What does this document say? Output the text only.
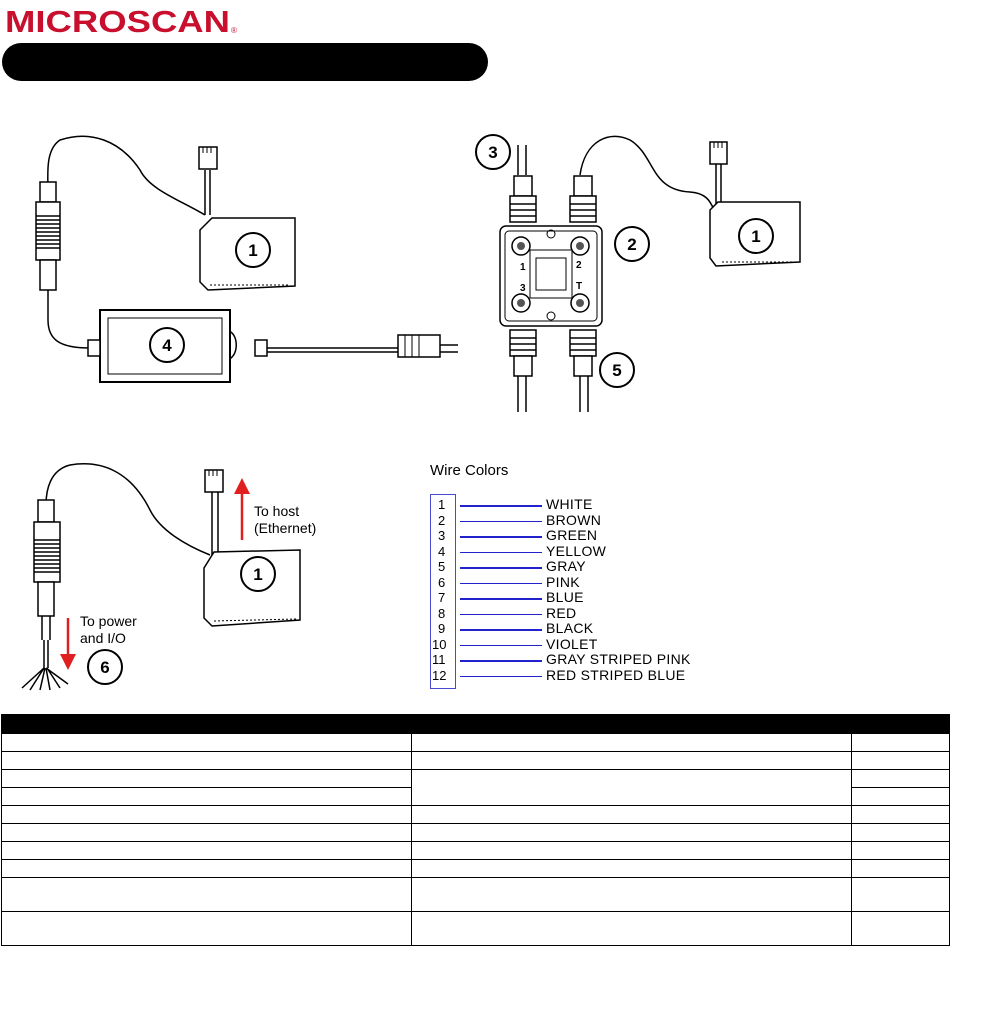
MICROSCAN ®
1	2
3	T
1
4
3
2	1
5
1
6
To host
(Ethernet)
To power
and I/O
Wire Colors
1	WHITE
2	BROWN
3	GREEN
4	YELLOW
5	GRAY
6	PINK
7	BLUE
8	RED
9	BLACK
10	VIOLET
11	GRAY STRIPED PINK
12	RED STRIPED BLUE
